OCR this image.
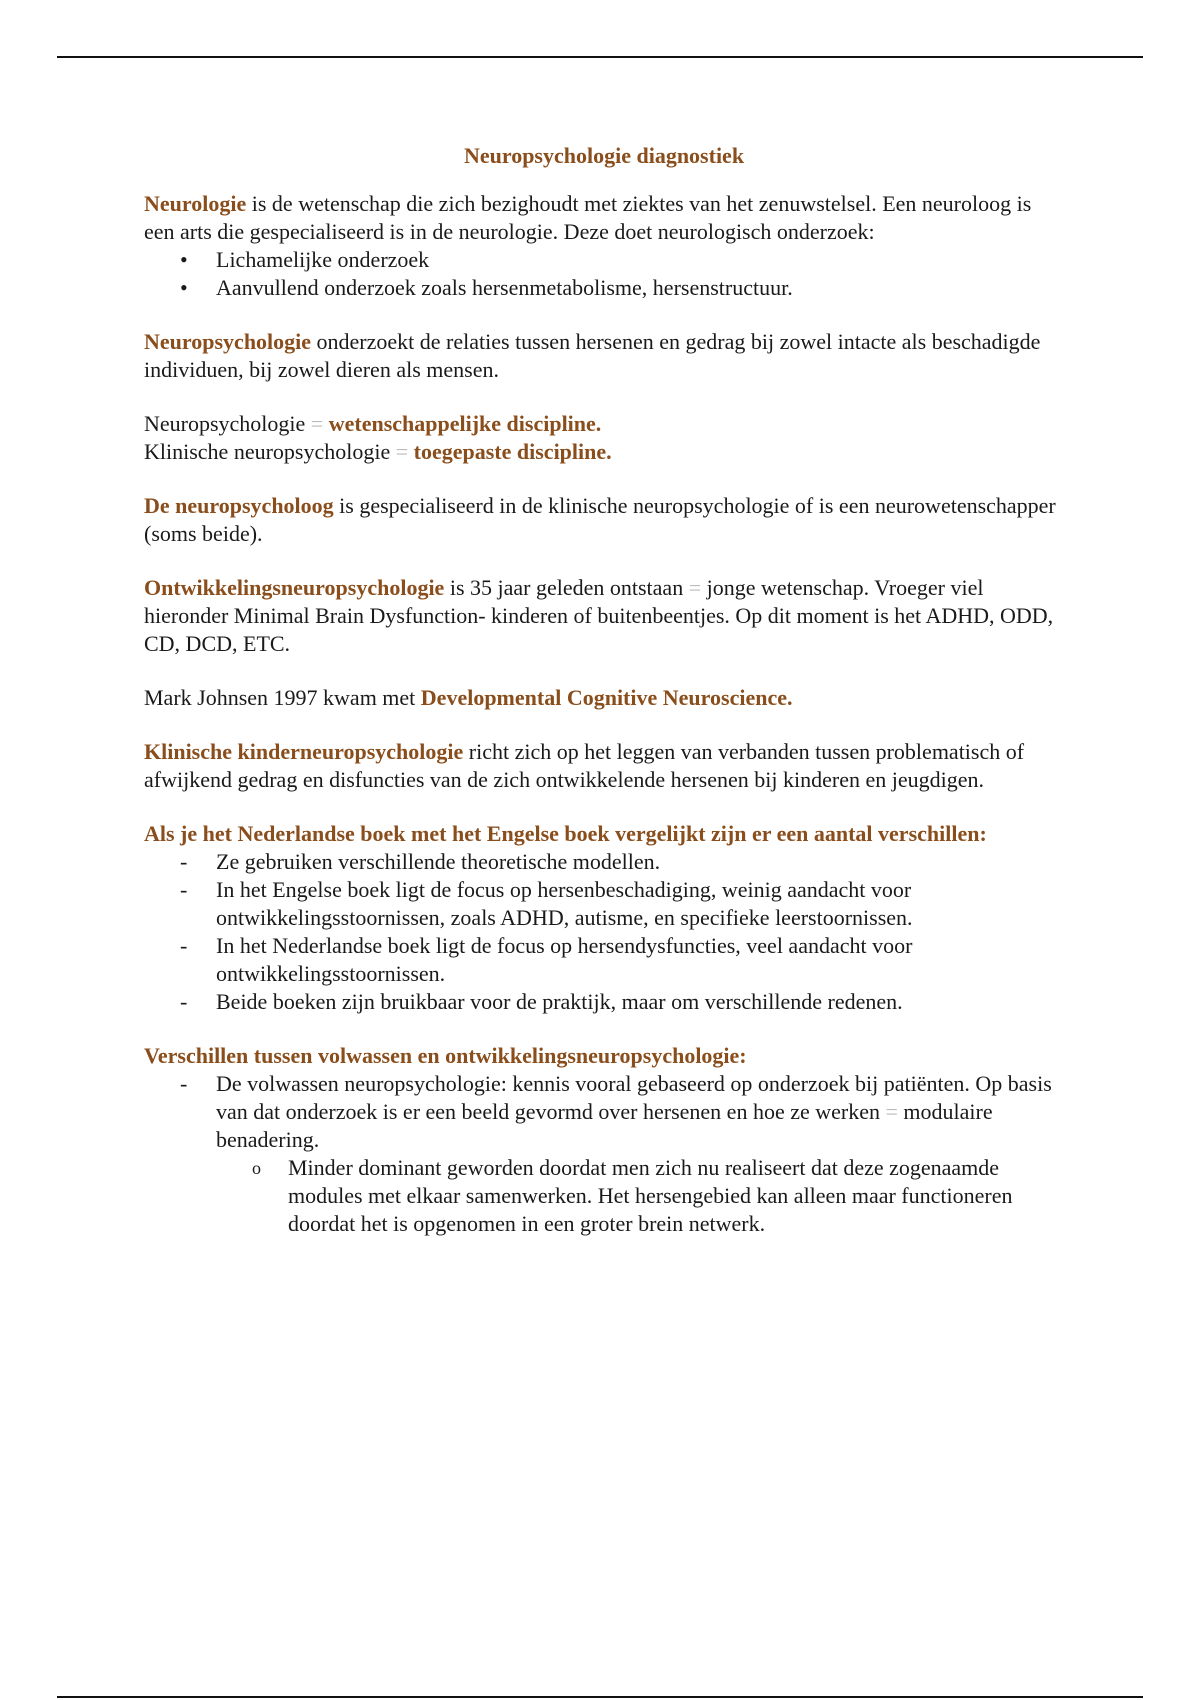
Neuropsychologie diagnostiek

Neurologie is de wetenschap die zich bezighoudt met ziektes van het zenuwstelsel. Een neuroloog is een arts die gespecialiseerd is in de neurologie. Deze doet neurologisch onderzoek:

• Lichamelijke onderzoek
• Aanvullend onderzoek zoals hersenmetabolisme, hersenstructuur.

Neuropsychologie onderzoekt de relaties tussen hersenen en gedrag bij zowel intacte als beschadigde individuen, bij zowel dieren als mensen.

Neuropsychologie = wetenschappelijke discipline.
Klinische neuropsychologie = toegepaste discipline.

De neuropsycholoog is gespecialiseerd in de klinische neuropsychologie of is een neurowetenschapper (soms beide).

Ontwikkelingsneuropsychologie is 35 jaar geleden ontstaan = jonge wetenschap. Vroeger viel hieronder Minimal Brain Dysfunction- kinderen of buitenbeentjes. Op dit moment is het ADHD, ODD, CD, DCD, ETC.

Mark Johnsen 1997 kwam met Developmental Cognitive Neuroscience.

Klinische kinderneuropsychologie richt zich op het leggen van verbanden tussen problematisch of afwijkend gedrag en disfuncties van de zich ontwikkelende hersenen bij kinderen en jeugdigen.

Als je het Nederlandse boek met het Engelse boek vergelijkt zijn er een aantal verschillen:
- Ze gebruiken verschillende theoretische modellen.
- In het Engelse boek ligt de focus op hersenbeschadiging, weinig aandacht voor ontwikkelingsstoornissen, zoals ADHD, autisme, en specifieke leerstoornissen.
- In het Nederlandse boek ligt de focus op hersendysfuncties, veel aandacht voor ontwikkelingsstoornissen.
- Beide boeken zijn bruikbaar voor de praktijk, maar om verschillende redenen.
Verschillen tussen volwassen en ontwikkelingsneuropsychologie:
- De volwassen neuropsychologie: kennis vooral gebaseerd op onderzoek bij patiënten. Op basis van dat onderzoek is er een beeld gevormd over hersenen en hoe ze werken = modulaire benadering.
o Minder dominant geworden doordat men zich nu realiseert dat deze zogenaamde modules met elkaar samenwerken. Het hersengebied kan alleen maar functioneren doordat het is opgenomen in een groter brein netwerk.
